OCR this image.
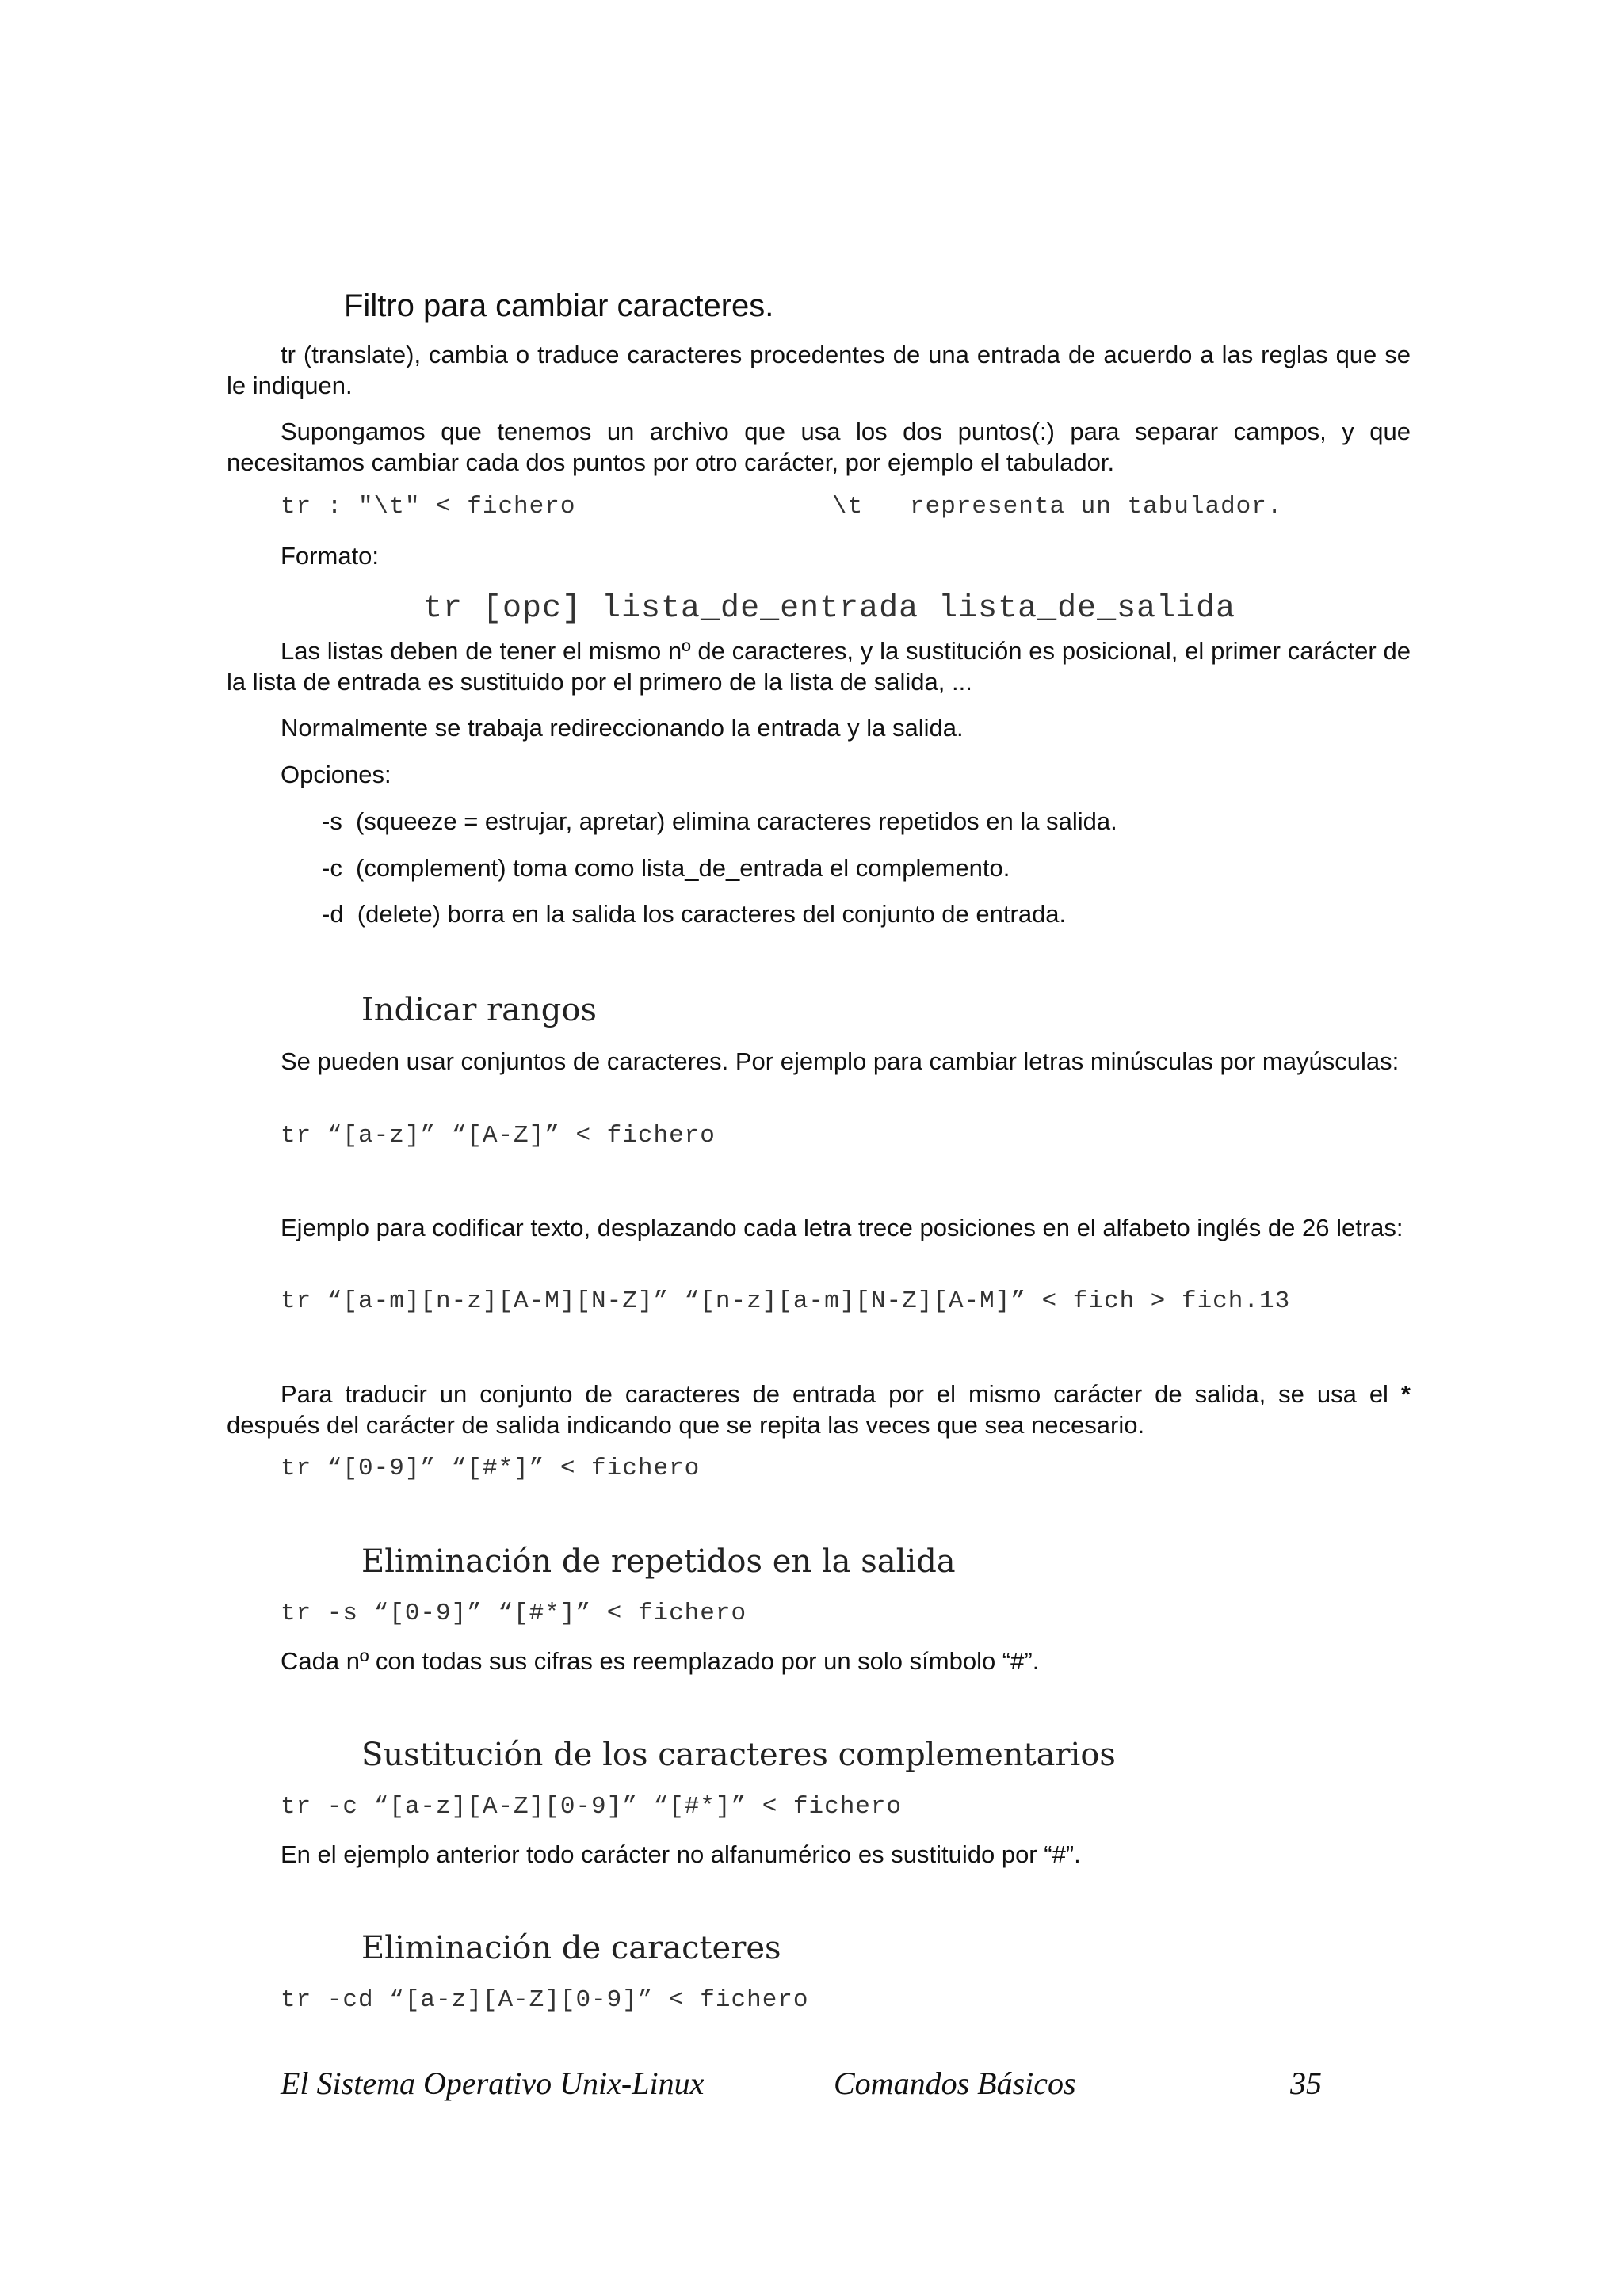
Filtro para cambiar caracteres.
tr (translate), cambia o traduce caracteres procedentes de una entrada de acuerdo a las reglas que se le indiquen.
Supongamos que tenemos un archivo que usa los dos puntos(:) para separar campos, y que necesitamos cambiar cada dos puntos por otro carácter, por ejemplo el tabulador.
tr : "\t" < fichero	\t   representa un tabulador.
Formato:
tr [opc] lista_de_entrada lista_de_salida
Las listas deben de tener el mismo nº de caracteres, y la sustitución es posicional, el primer carácter de la lista de entrada es sustituido por el primero de la lista de salida, ...
Normalmente se trabaja redireccionando la entrada y la salida.
Opciones:
-s  (squeeze = estrujar, apretar) elimina caracteres repetidos en la salida.
-c  (complement) toma como lista_de_entrada el complemento.
-d  (delete) borra en la salida los caracteres del conjunto de entrada.
Indicar rangos
Se pueden usar conjuntos de caracteres. Por ejemplo para cambiar letras minúsculas por mayúsculas:
tr “[a-z]” “[A-Z]” < fichero
Ejemplo para codificar texto, desplazando cada letra trece posiciones en el alfabeto inglés de 26 letras:
tr “[a-m][n-z][A-M][N-Z]” “[n-z][a-m][N-Z][A-M]” < fich > fich.13
Para traducir un conjunto de caracteres de entrada por el mismo carácter de salida, se usa el * después del carácter de salida indicando que se repita las veces que sea necesario.
tr “[0-9]” “[#*]” < fichero
Eliminación de repetidos en la salida
tr -s “[0-9]” “[#*]” < fichero
Cada nº con todas sus cifras es reemplazado por un solo símbolo “#”.
Sustitución de los caracteres complementarios
tr -c “[a-z][A-Z][0-9]” “[#*]” < fichero
En el ejemplo anterior todo carácter no alfanumérico es sustituido por “#”.
Eliminación de caracteres
tr -cd “[a-z][A-Z][0-9]” < fichero
El Sistema Operativo Unix-Linux	Comandos Básicos	35
